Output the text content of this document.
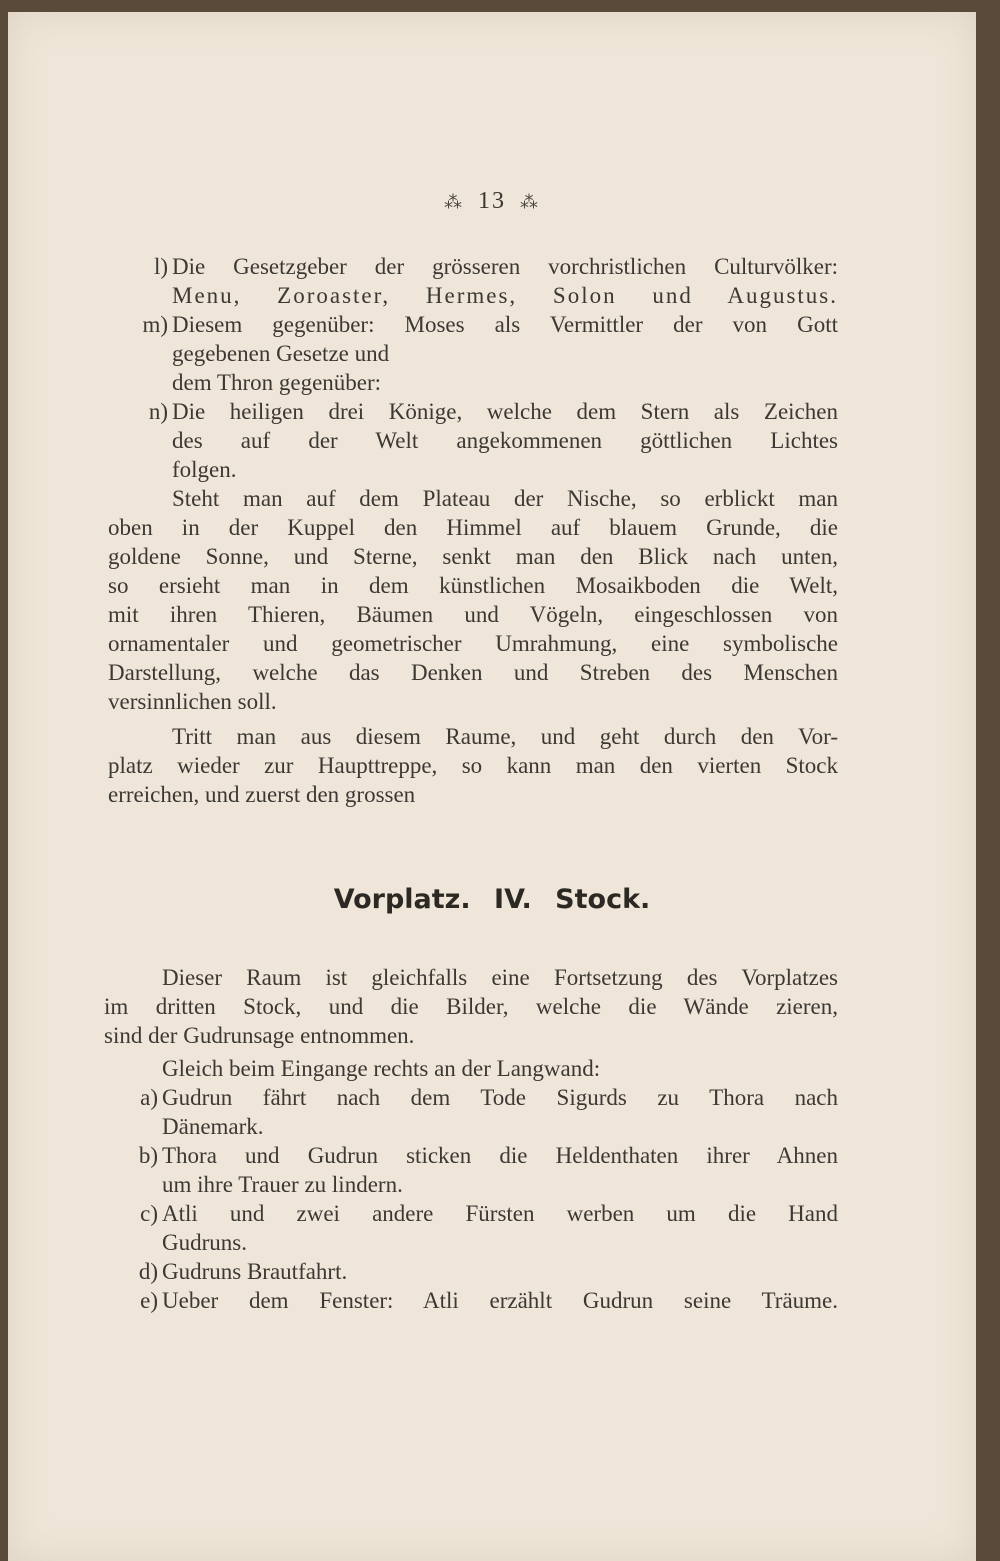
⁂ 13 ⁂
l) Die Gesetzgeber der grösseren vorchristlichen Culturvölker:
Menu, Zoroaster, Hermes, Solon und Augustus.
m) Diesem gegenüber: Moses als Vermittler der von Gott
gegebenen Gesetze und
dem Thron gegenüber:
n) Die heiligen drei Könige, welche dem Stern als Zeichen
des auf der Welt angekommenen göttlichen Lichtes
folgen.
Steht man auf dem Plateau der Nische, so erblickt man
oben in der Kuppel den Himmel auf blauem Grunde, die
goldene Sonne, und Sterne, senkt man den Blick nach unten,
so ersieht man in dem künstlichen Mosaikboden die Welt,
mit ihren Thieren, Bäumen und Vögeln, eingeschlossen von
ornamentaler und geometrischer Umrahmung, eine symbolische
Darstellung, welche das Denken und Streben des Menschen
versinnlichen soll.
Tritt man aus diesem Raume, und geht durch den Vor-
platz wieder zur Haupttreppe, so kann man den vierten Stock
erreichen, und zuerst den grossen
Vorplatz. IV. Stock.
Dieser Raum ist gleichfalls eine Fortsetzung des Vorplatzes
im dritten Stock, und die Bilder, welche die Wände zieren,
sind der Gudrunsage entnommen.
Gleich beim Eingange rechts an der Langwand:
a) Gudrun fährt nach dem Tode Sigurds zu Thora nach
Dänemark.
b) Thora und Gudrun sticken die Heldenthaten ihrer Ahnen
um ihre Trauer zu lindern.
c) Atli und zwei andere Fürsten werben um die Hand
Gudruns.
d) Gudruns Brautfahrt.
e) Ueber dem Fenster: Atli erzählt Gudrun seine Träume.
